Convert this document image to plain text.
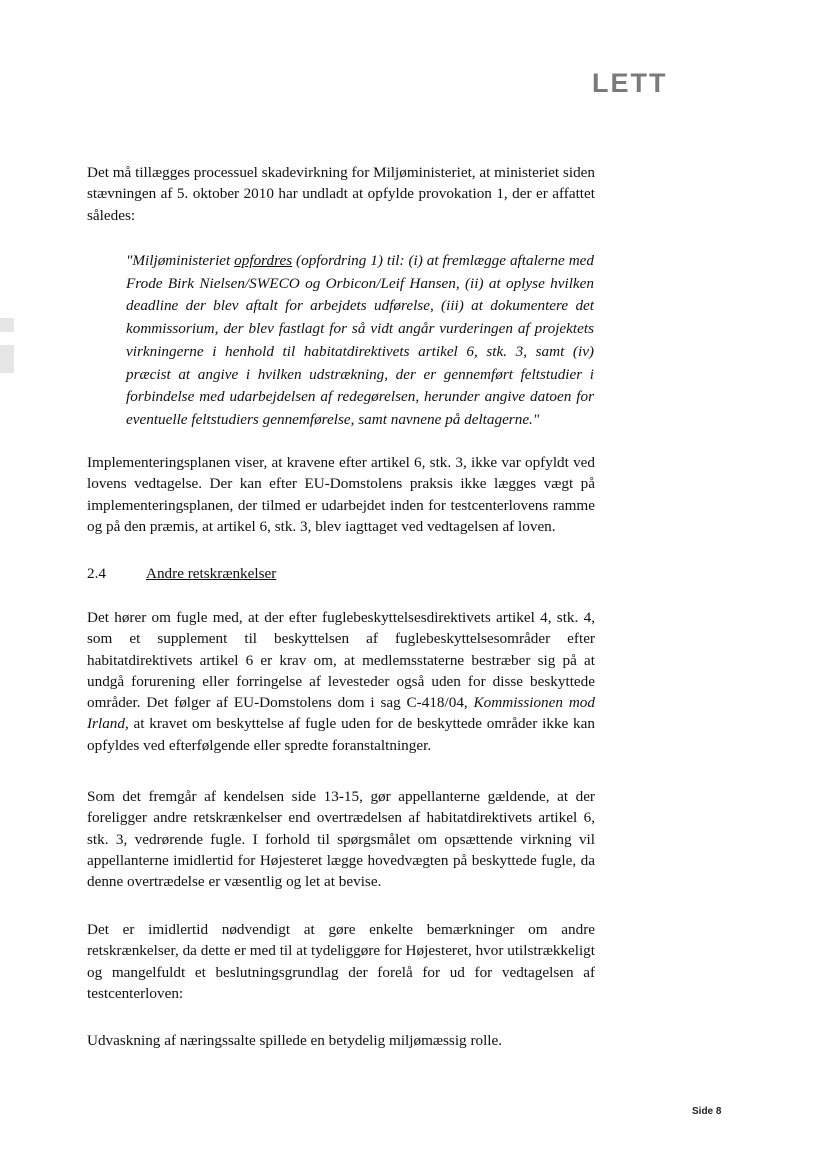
LETT

Det må tillægges processuel skadevirkning for Miljøministeriet, at ministeriet siden stævningen af 5. oktober 2010 har undladt at opfylde provokation 1, der er affattet således:

"Miljøministeriet opfordres (opfordring 1) til: (i) at fremlægge aftalerne med Frode Birk Nielsen/SWECO og Orbicon/Leif Hansen, (ii) at oplyse hvilken deadline der blev aftalt for arbejdets udførelse, (iii) at dokumentere det kommissorium, der blev fastlagt for så vidt angår vurderingen af projektets virkningerne i henhold til habitatdirektivets artikel 6, stk. 3, samt (iv) præcist at angive i hvilken udstrækning, der er gennemført feltstudier i forbindelse med udarbejdelsen af redegørelsen, herunder angive datoen for eventuelle feltstudiers gennemførelse, samt navnene på deltagerne."

Implementeringsplanen viser, at kravene efter artikel 6, stk. 3, ikke var opfyldt ved lovens vedtagelse. Der kan efter EU-Domstolens praksis ikke lægges vægt på implementeringsplanen, der tilmed er udarbejdet inden for testcenterlovens ramme og på den præmis, at artikel 6, stk. 3, blev iagttaget ved vedtagelsen af loven.

2.4	Andre retskrænkelser

Det hører om fugle med, at der efter fuglebeskyttelsesdirektivets artikel 4, stk. 4, som et supplement til beskyttelsen af fuglebeskyttelsesområder efter habitatdirektivets artikel 6 er krav om, at medlemsstaterne bestræber sig på at undgå forurening eller forringelse af levesteder også uden for disse beskyttede områder. Det følger af EU-Domstolens dom i sag C-418/04, Kommissionen mod Irland, at kravet om beskyttelse af fugle uden for de beskyttede områder ikke kan opfyldes ved efterfølgende eller spredte foranstaltninger.

Som det fremgår af kendelsen side 13-15, gør appellanterne gældende, at der foreligger andre retskrænkelser end overtrædelsen af habitatdirektivets artikel 6, stk. 3, vedrørende fugle. I forhold til spørgsmålet om opsættende virkning vil appellanterne imidlertid for Højesteret lægge hovedvægten på beskyttede fugle, da denne overtrædelse er væsentlig og let at bevise.

Det er imidlertid nødvendigt at gøre enkelte bemærkninger om andre retskrænkelser, da dette er med til at tydeliggøre for Højesteret, hvor utilstrækkeligt og mangelfuldt et beslutningsgrundlag der forelå for ud for vedtagelsen af testcenterloven:

Udvaskning af næringssalte spillede en betydelig miljømæssig rolle.

Side 8
